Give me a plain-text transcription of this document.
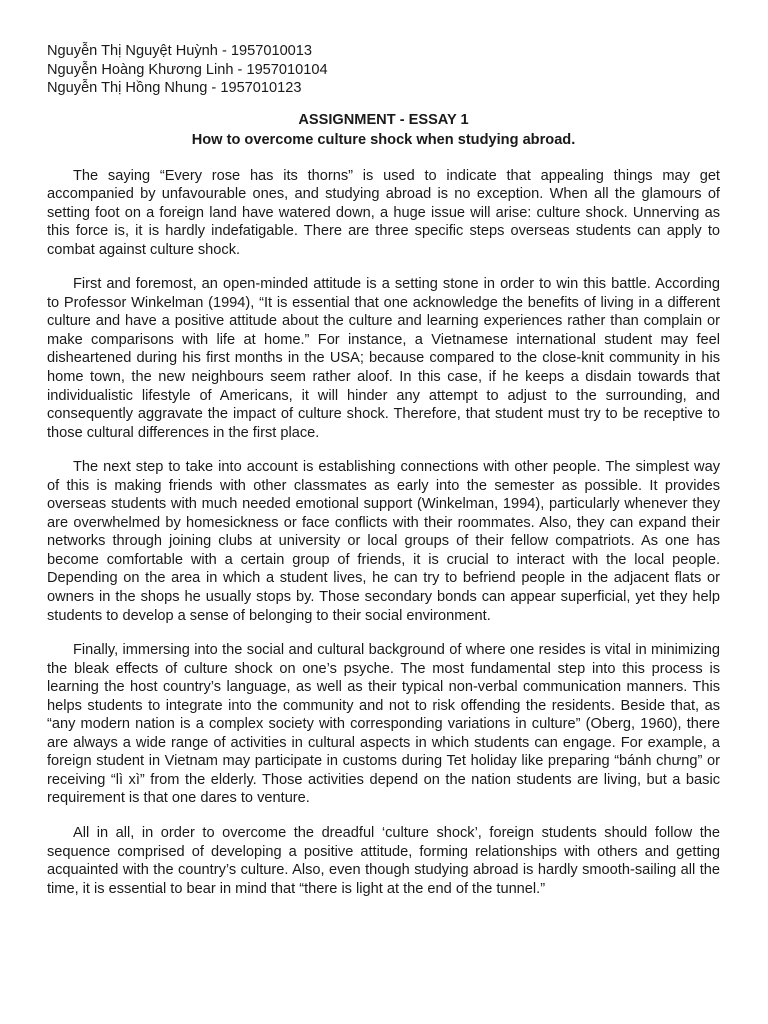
Nguyễn Thị Nguyệt Huỳnh - 1957010013
Nguyễn Hoàng Khương Linh - 1957010104
Nguyễn Thị Hồng Nhung - 1957010123
ASSIGNMENT - ESSAY 1
How to overcome culture shock when studying abroad.

The saying “Every rose has its thorns” is used to indicate that appealing things may get accompanied by unfavourable ones, and studying abroad is no exception. When all the glamours of setting foot on a foreign land have watered down, a huge issue will arise: culture shock. Unnerving as this force is, it is hardly indefatigable. There are three specific steps overseas students can apply to combat against culture shock.

First and foremost, an open-minded attitude is a setting stone in order to win this battle. According to Professor Winkelman (1994), “It is essential that one acknowledge the benefits of living in a different culture and have a positive attitude about the culture and learning experiences rather than complain or make comparisons with life at home.” For instance, a Vietnamese international student may feel disheartened during his first months in the USA; because compared to the close-knit community in his home town, the new neighbours seem rather aloof. In this case, if he keeps a disdain towards that individualistic lifestyle of Americans, it will hinder any attempt to adjust to the surrounding, and consequently aggravate the impact of culture shock. Therefore, that student must try to be receptive to those cultural differences in the first place.

The next step to take into account is establishing connections with other people. The simplest way of this is making friends with other classmates as early into the semester as possible. It provides overseas students with much needed emotional support (Winkelman, 1994), particularly whenever they are overwhelmed by homesickness or face conflicts with their roommates. Also, they can expand their networks through joining clubs at university or local groups of their fellow compatriots. As one has become comfortable with a certain group of friends, it is crucial to interact with the local people. Depending on the area in which a student lives, he can try to befriend people in the adjacent flats or owners in the shops he usually stops by. Those secondary bonds can appear superficial, yet they help students to develop a sense of belonging to their social environment.

Finally, immersing into the social and cultural background of where one resides is vital in minimizing the bleak effects of culture shock on one’s psyche. The most fundamental step into this process is learning the host country’s language, as well as their typical non-verbal communication manners. This helps students to integrate into the community and not to risk offending the residents. Beside that, as “any modern nation is a complex society with corresponding variations in culture” (Oberg, 1960), there are always a wide range of activities in cultural aspects in which students can engage. For example, a foreign student in Vietnam may participate in customs during Tet holiday like preparing “bánh chưng” or receiving “lì xì” from the elderly. Those activities depend on the nation students are living, but a basic requirement is that one dares to venture.

All in all, in order to overcome the dreadful ‘culture shock’, foreign students should follow the sequence comprised of developing a positive attitude, forming relationships with others and getting acquainted with the country’s culture. Also, even though studying abroad is hardly smooth-sailing all the time, it is essential to bear in mind that “there is light at the end of the tunnel.”
